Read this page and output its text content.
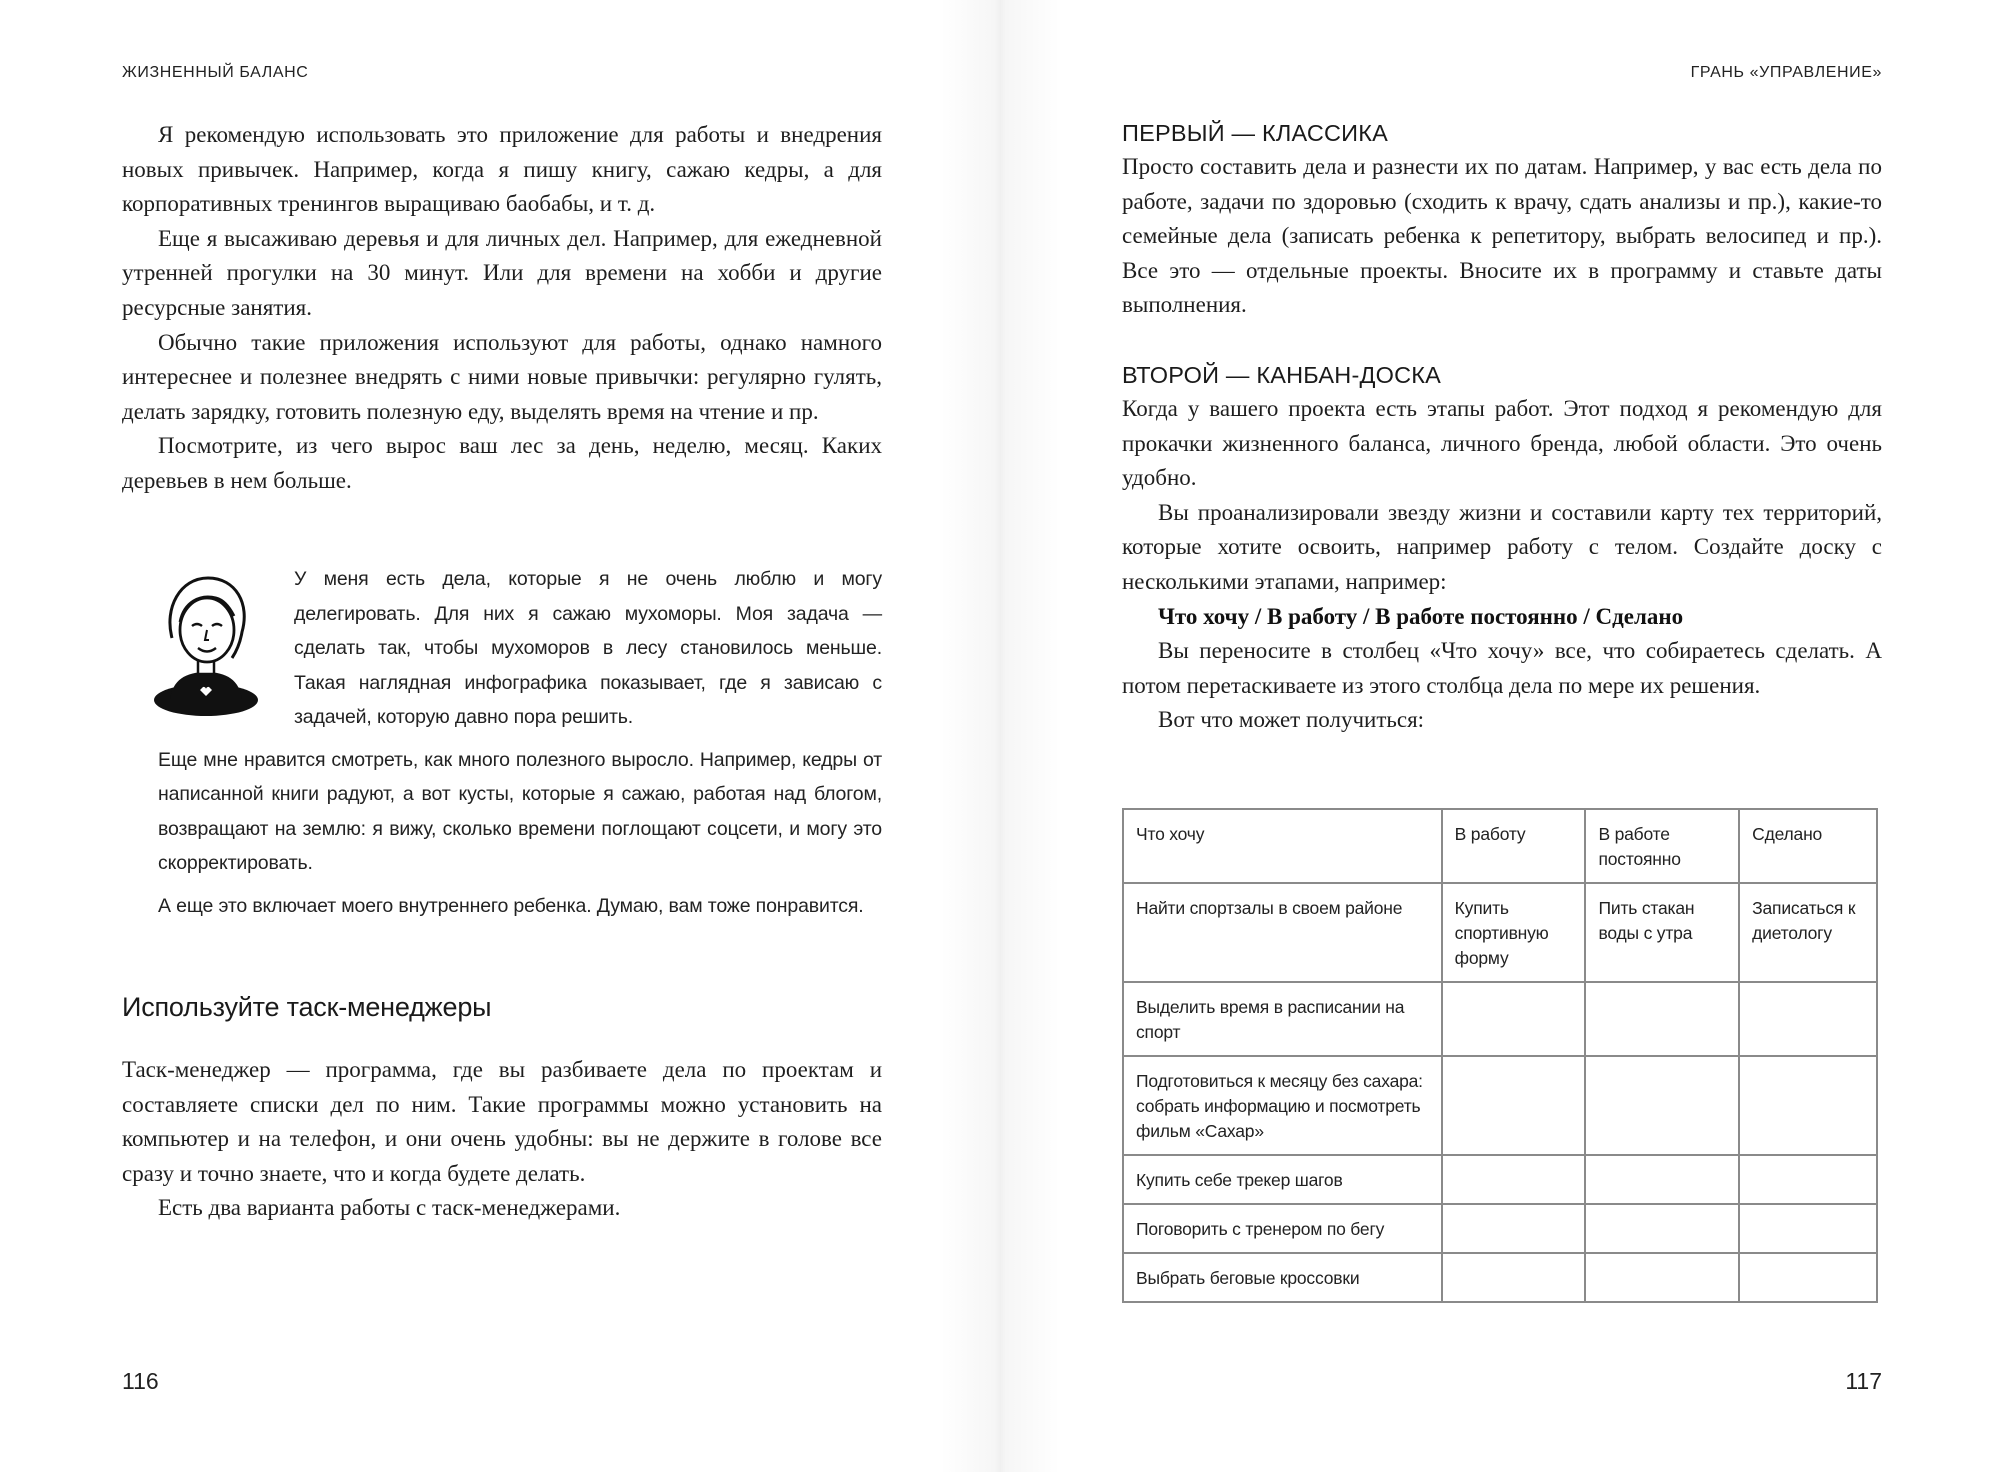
ЖИЗНЕННЫЙ БАЛАНС

Я рекомендую использовать это приложение для работы и внедрения новых привычек. Например, когда я пишу книгу, сажаю кедры, а для корпоративных тренингов выращиваю баобабы, и т. д.

Еще я высаживаю деревья и для личных дел. Например, для ежедневной утренней прогулки на 30 минут. Или для времени на хобби и другие ресурсные занятия.

Обычно такие приложения используют для работы, однако намного интереснее и полезнее внедрять с ними новые привычки: регулярно гулять, делать зарядку, готовить полезную еду, выделять время на чтение и пр.

Посмотрите, из чего вырос ваш лес за день, неделю, месяц. Каких деревьев в нем больше.

У меня есть дела, которые я не очень люблю и могу делегировать. Для них я сажаю мухоморы. Моя задача — сделать так, чтобы мухоморов в лесу становилось меньше. Такая наглядная инфографика показывает, где я зависаю с задачей, которую давно пора решить.

Еще мне нравится смотреть, как много полезного выросло. Например, кедры от написанной книги радуют, а вот кусты, которые я сажаю, работая над блогом, возвращают на землю: я вижу, сколько времени поглощают соцсети, и могу это скорректировать.

А еще это включает моего внутреннего ребенка. Думаю, вам тоже понравится.

Используйте таск-менеджеры

Таск-менеджер — программа, где вы разбиваете дела по проектам и составляете списки дел по ним. Такие программы можно установить на компьютер и на телефон, и они очень удобны: вы не держите в голове все сразу и точно знаете, что и когда будете делать.

Есть два варианта работы с таск-менеджерами.

116
ГРАНЬ «УПРАВЛЕНИЕ»
ПЕРВЫЙ — КЛАССИКА

Просто составить дела и разнести их по датам. Например, у вас есть дела по работе, задачи по здоровью (сходить к врачу, сдать анализы и пр.), какие-то семейные дела (записать ребенка к репетитору, выбрать велосипед и пр.). Все это — отдельные проекты. Вносите их в программу и ставьте даты выполнения.

ВТОРОЙ — КАНБАН-ДОСКА

Когда у вашего проекта есть этапы работ. Этот подход я рекомендую для прокачки жизненного баланса, личного бренда, любой области. Это очень удобно.

Вы проанализировали звезду жизни и составили карту тех территорий, которые хотите освоить, например работу с телом. Создайте доску с несколькими этапами, например:

Что хочу / В работу / В работе постоянно / Сделано

Вы переносите в столбец «Что хочу» все, что собираетесь сделать. А потом перетаскиваете из этого столбца дела по мере их решения.

Вот что может получиться:

Что хочу	В работу	В работе постоянно	Сделано
Найти спортзалы в своем районе	Купить спортивную форму	Пить стакан воды с утра	Записаться к диетологу
Выделить время в расписании на спорт			
Подготовиться к месяцу без сахара: собрать информацию и посмотреть фильм «Сахар»			
Купить себе трекер шагов			
Поговорить с тренером по бегу			
Выбрать беговые кроссовки			
117
